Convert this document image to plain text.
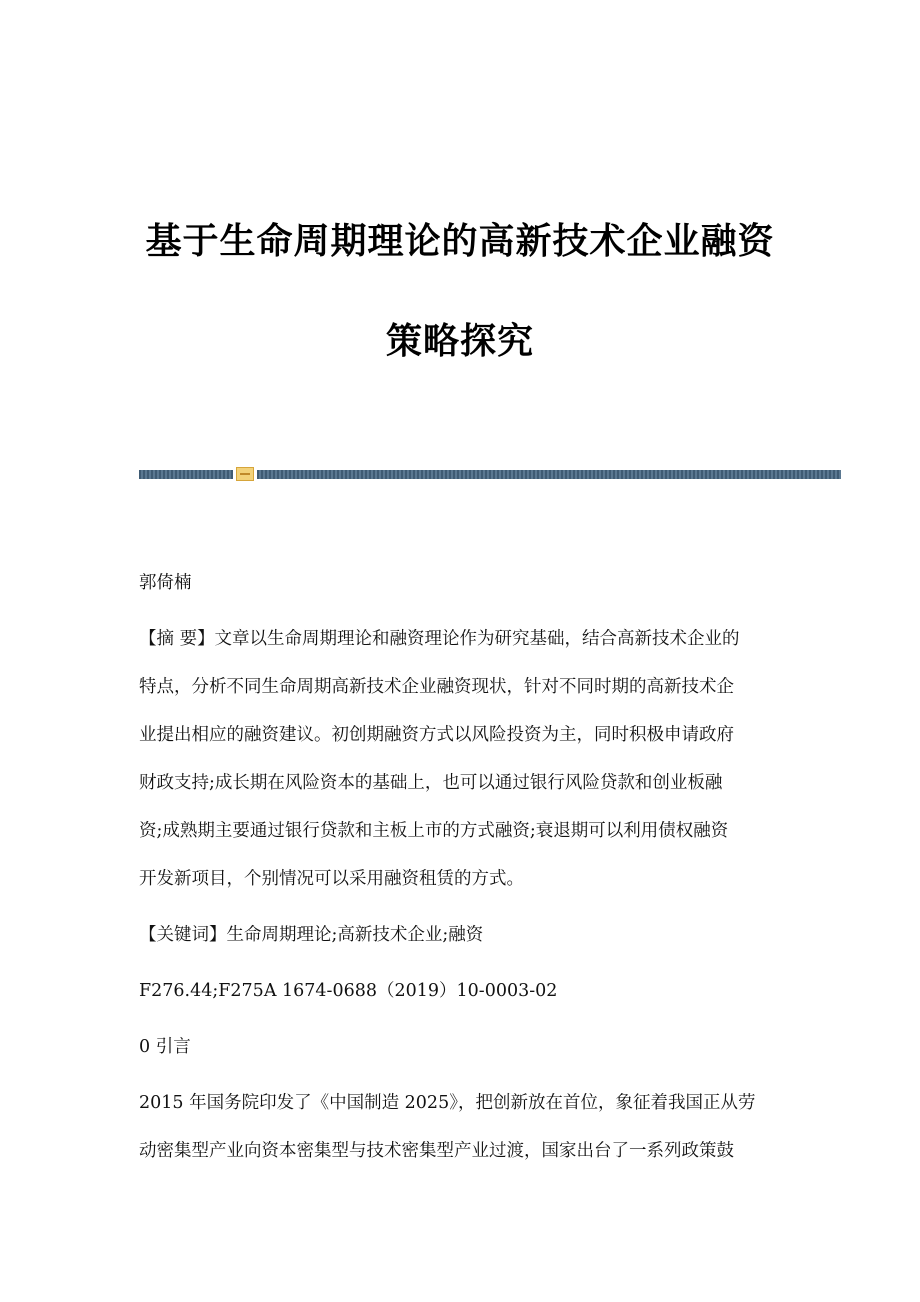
基于生命周期理论的高新技术企业融资
策略探究
郭倚楠
【摘 要】文章以生命周期理论和融资理论作为研究基础，结合高新技术企业的
特点，分析不同生命周期高新技术企业融资现状，针对不同时期的高新技术企
业提出相应的融资建议。初创期融资方式以风险投资为主，同时积极申请政府
财政支持;成长期在风险资本的基础上，也可以通过银行风险贷款和创业板融
资;成熟期主要通过银行贷款和主板上市的方式融资;衰退期可以利用债权融资
开发新项目，个别情况可以采用融资租赁的方式。
【关键词】生命周期理论;高新技术企业;融资
F276.44;F275A 1674-0688（2019）10-0003-02
0 引言
2015 年国务院印发了《中国制造 2025》，把创新放在首位，象征着我国正从劳
动密集型产业向资本密集型与技术密集型产业过渡，国家出台了一系列政策鼓
